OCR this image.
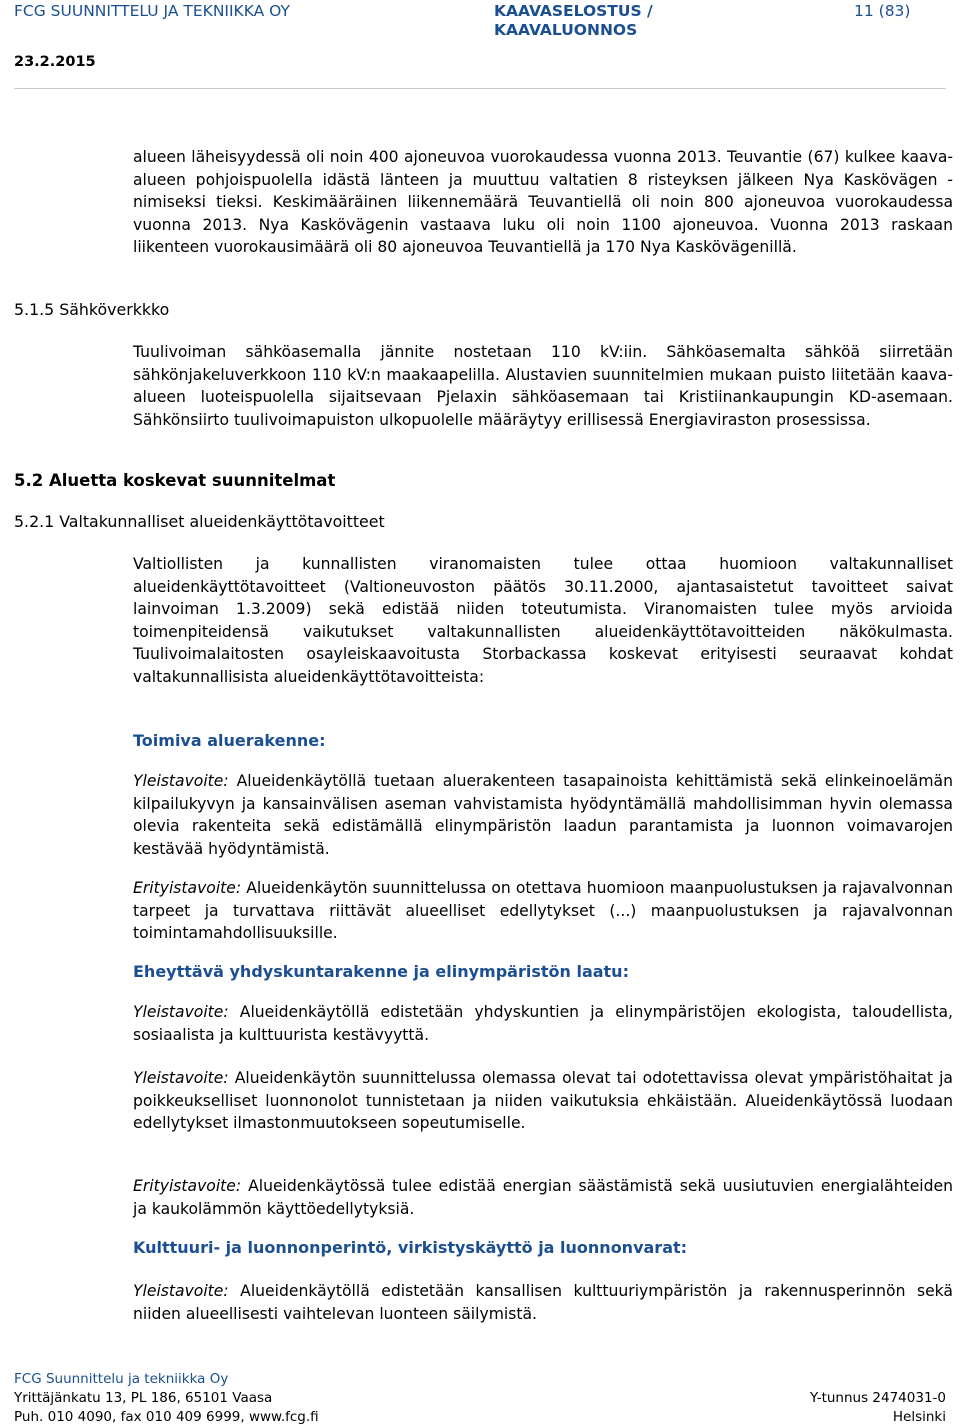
FCG SUUNNITTELU JA TEKNIIKKA OY	KAAVASELOSTUS /
KAAVALUONNOS
11 (83)
23.2.2015

alueen läheisyydessä oli noin 400 ajoneuvoa vuorokaudessa vuonna 2013. Teuvantie (67) kulkee kaava-alueen pohjoispuolella idästä länteen ja muuttuu valtatien 8 risteyksen jälkeen Nya Kaskövägen -nimiseksi tieksi. Keskimääräinen liikennemäärä Teuvantiellä oli noin 800 ajoneuvoa vuorokaudessa vuonna 2013. Nya Kaskövägenin vastaava luku oli noin 1100 ajoneuvoa. Vuonna 2013 raskaan liikenteen vuorokausimäärä oli 80 ajoneuvoa Teuvantiellä ja 170 Nya Kaskövägenillä.

5.1.5 Sähköverkkko

Tuulivoiman sähköasemalla jännite nostetaan 110 kV:iin. Sähköasemalta sähköä siirretään sähkönjakeluverkkoon 110 kV:n maakaapelilla. Alustavien suunnitelmien mukaan puisto liitetään kaava-alueen luoteispuolella sijaitsevaan Pjelaxin sähköasemaan tai Kristiinankaupungin KD-asemaan. Sähkönsiirto tuulivoimapuiston ulkopuolelle määräytyy erillisessä Energiaviraston prosessissa.

5.2 Aluetta koskevat suunnitelmat
5.2.1 Valtakunnalliset alueidenkäyttötavoitteet

Valtiollisten ja kunnallisten viranomaisten tulee ottaa huomioon valtakunnalliset alueidenkäyttötavoitteet (Valtioneuvoston päätös 30.11.2000, ajantasaistetut tavoitteet saivat lainvoiman 1.3.2009) sekä edistää niiden toteutumista. Viranomaisten tulee myös arvioida toimenpiteidensä vaikutukset valtakunnallisten alueidenkäyttötavoitteiden näkökulmasta. Tuulivoimalaitosten osayleiskaavoitusta Storbackassa koskevat erityisesti seuraavat kohdat valtakunnallisista alueidenkäyttötavoitteista:

Toimiva aluerakenne:

Yleistavoite: Alueidenkäytöllä tuetaan aluerakenteen tasapainoista kehittämistä sekä elinkeinoelämän kilpailukyvyn ja kansainvälisen aseman vahvistamista hyödyntämällä mahdollisimman hyvin olemassa olevia rakenteita sekä edistämällä elinympäristön laadun parantamista ja luonnon voimavarojen kestävää hyödyntämistä.

Erityistavoite: Alueidenkäytön suunnittelussa on otettava huomioon maanpuolustuksen ja rajavalvonnan tarpeet ja turvattava riittävät alueelliset edellytykset (...) maanpuolustuksen ja rajavalvonnan toimintamahdollisuuksille.

Eheyttävä yhdyskuntarakenne ja elinympäristön laatu:

Yleistavoite: Alueidenkäytöllä edistetään yhdyskuntien ja elinympäristöjen ekologista, taloudellista, sosiaalista ja kulttuurista kestävyyttä.

Yleistavoite: Alueidenkäytön suunnittelussa olemassa olevat tai odotettavissa olevat ympäristöhaitat ja poikkeukselliset luonnonolot tunnistetaan ja niiden vaikutuksia ehkäistään. Alueidenkäytössä luodaan edellytykset ilmastonmuutokseen sopeutumiselle.

Erityistavoite: Alueidenkäytössä tulee edistää energian säästämistä sekä uusiutuvien energialähteiden ja kaukolämmön käyttöedellytyksiä.

Kulttuuri- ja luonnonperintö, virkistyskäyttö ja luonnonvarat:

Yleistavoite: Alueidenkäytöllä edistetään kansallisen kulttuuriympäristön ja rakennusperinnön sekä niiden alueellisesti vaihtelevan luonteen säilymistä.

FCG Suunnittelu ja tekniikka Oy
Yrittäjänkatu 13, PL 186, 65101 Vaasa
Puh. 010 4090, fax 010 409 6999, www.fcg.fi
Y-tunnus 2474031-0
Helsinki
